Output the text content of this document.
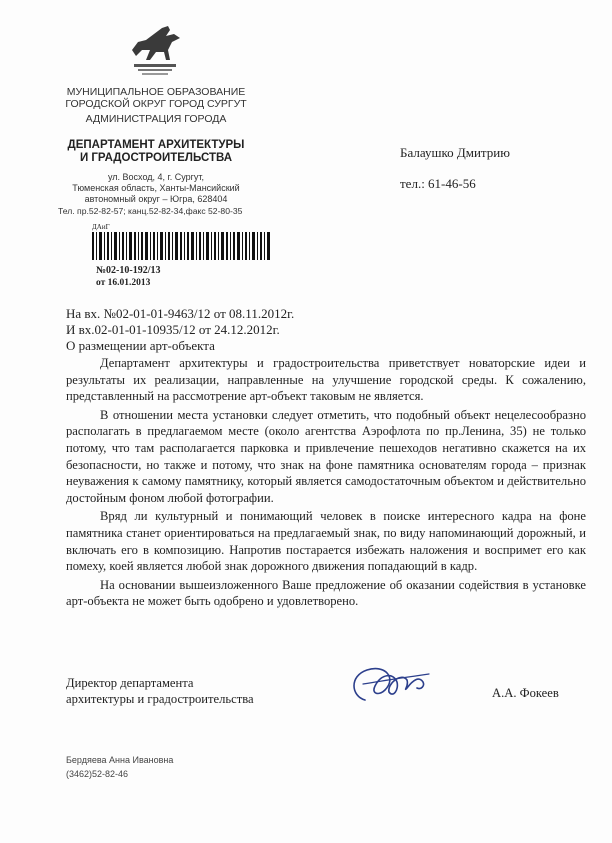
МУНИЦИПАЛЬНОЕ ОБРАЗОВАНИЕ
ГОРОДСКОЙ ОКРУГ ГОРОД СУРГУТ
АДМИНИСТРАЦИЯ ГОРОДА
ДЕПАРТАМЕНТ АРХИТЕКТУРЫ
И ГРАДОСТРОИТЕЛЬСТВА
ул. Восход, 4, г. Сургут,
Тюменская область, Ханты-Мансийский
автономный округ – Югра, 628404
Тел. пр.52-82-57; канц.52-82-34,факс 52-80-35
ДАиГ
№02-10-192/13
от 16.01.2013
Балаушко Дмитрию
тел.: 61-46-56
На вх. №02-01-01-9463/12 от 08.11.2012г.
И вх.02-01-01-10935/12 от 24.12.2012г.
О размещении арт-объекта

Департамент архитектуры и градостроительства приветствует новаторские идеи и результаты их реализации, направленные на улучшение городской среды. К сожалению, представленный на рассмотрение арт-объект таковым не является.

В отношении места установки следует отметить, что подобный объект нецелесообразно располагать в предлагаемом месте (около агентства Аэрофлота по пр.Ленина, 35) не только потому, что там располагается парковка и привлечение пешеходов негативно скажется на их безопасности, но также и потому, что знак на фоне памятника основателям города – признак неуважения к самому памятнику, который является самодостаточным объектом и действительно достойным фоном любой фотографии.

Вряд ли культурный и понимающий человек в поиске интересного кадра на фоне памятника станет ориентироваться на предлагаемый знак, по виду напоминающий дорожный, и включать его в композицию. Напротив постарается избежать наложения и воспримет его как помеху, коей является любой знак дорожного движения попадающий в кадр.

На основании вышеизложенного Ваше предложение об оказании содействия в установке арт-объекта не может быть одобрено и удовлетворено.

Директор департамента
архитектуры и градостроительства	А.А. Фокеев
Бердяева Анна Ивановна
(3462)52-82-46
